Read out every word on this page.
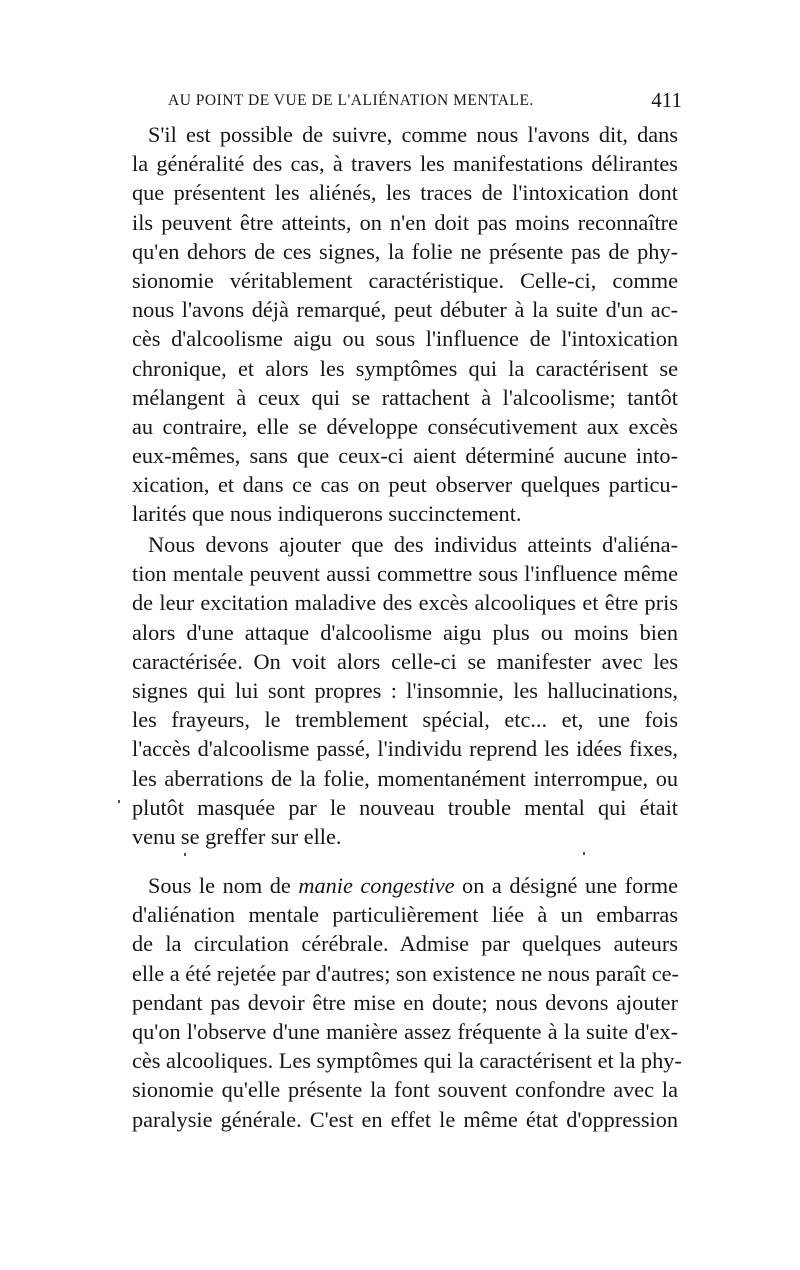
AU POINT DE VUE DE L'ALIÉNATION MENTALE.	411
S'il est possible de suivre, comme nous l'avons dit, dans
la généralité des cas, à travers les manifestations délirantes
que présentent les aliénés, les traces de l'intoxication dont
ils peuvent être atteints, on n'en doit pas moins reconnaître
qu'en dehors de ces signes, la folie ne présente pas de phy-
sionomie véritablement caractéristique. Celle-ci, comme
nous l'avons déjà remarqué, peut débuter à la suite d'un ac-
cès d'alcoolisme aigu ou sous l'influence de l'intoxication
chronique, et alors les symptômes qui la caractérisent se
mélangent à ceux qui se rattachent à l'alcoolisme; tantôt
au contraire, elle se développe consécutivement aux excès
eux-mêmes, sans que ceux-ci aient déterminé aucune into-
xication, et dans ce cas on peut observer quelques particu-
larités que nous indiquerons succinctement.
Nous devons ajouter que des individus atteints d'aliéna-
tion mentale peuvent aussi commettre sous l'influence même
de leur excitation maladive des excès alcooliques et être pris
alors d'une attaque d'alcoolisme aigu plus ou moins bien
caractérisée. On voit alors celle-ci se manifester avec les
signes qui lui sont propres : l'insomnie, les hallucinations,
les frayeurs, le tremblement spécial, etc... et, une fois
l'accès d'alcoolisme passé, l'individu reprend les idées fixes,
les aberrations de la folie, momentanément interrompue, ou
plutôt masquée par le nouveau trouble mental qui était
venu se greffer sur elle.
Sous le nom de manie congestive on a désigné une forme
d'aliénation mentale particulièrement liée à un embarras
de la circulation cérébrale. Admise par quelques auteurs
elle a été rejetée par d'autres; son existence ne nous paraît ce-
pendant pas devoir être mise en doute; nous devons ajouter
qu'on l'observe d'une manière assez fréquente à la suite d'ex-
cès alcooliques. Les symptômes qui la caractérisent et la phy-
sionomie qu'elle présente la font souvent confondre avec la
paralysie générale. C'est en effet le même état d'oppression
